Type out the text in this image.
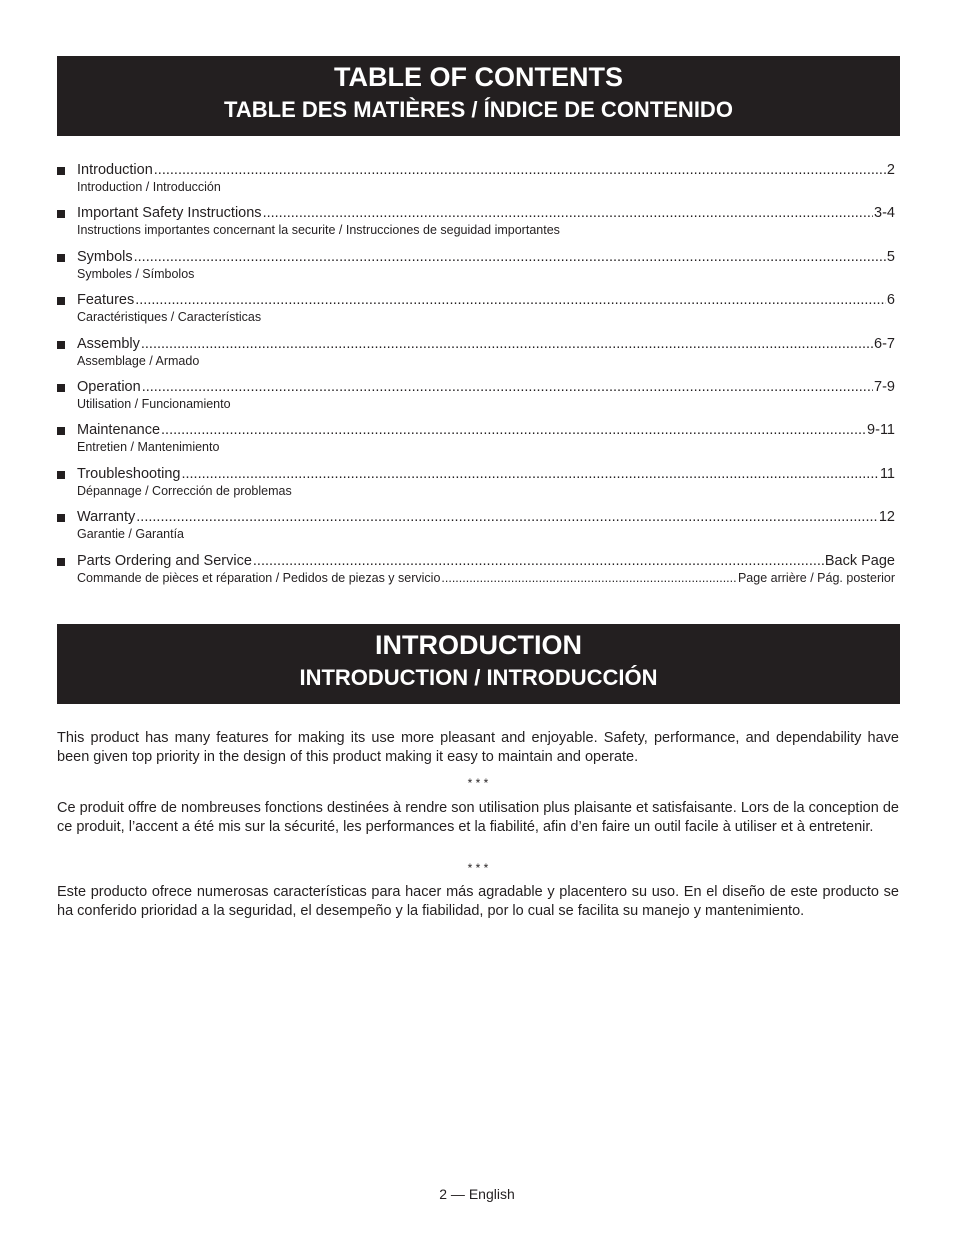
TABLE OF CONTENTS
TABLE DES MATIÈRES / ÍNDICE DE CONTENIDO
Introduction .....	2
Introduction / Introducción
Important Safety Instructions .....	3-4
Instructions importantes concernant la securite / Instrucciones de seguidad importantes
Symbols .....	5
Symboles / Símbolos
Features .....	6
Caractéristiques / Características
Assembly .....	6-7
Assemblage / Armado
Operation .....	7-9
Utilisation / Funcionamiento
Maintenance .....	9-11
Entretien / Mantenimiento
Troubleshooting .....	11
Dépannage / Corrección de problemas
Warranty .....	12
Garantie / Garantía
Parts Ordering and Service .....	Back Page
Commande de pièces et réparation / Pedidos de piezas y servicio .....	Page arrière / Pág. posterior
INTRODUCTION
INTRODUCTION / INTRODUCCIÓN

This product has many features for making its use more pleasant and enjoyable. Safety, performance, and dependability have been given top priority in the design of this product making it easy to maintain and operate.

* * *

Ce produit offre de nombreuses fonctions destinées à rendre son utilisation plus plaisante et satisfaisante. Lors de la conception de ce produit, l’accent a été mis sur la sécurité, les performances et la fiabilité, afin d’en faire un outil facile à utiliser et à entretenir.

* * *

Este producto ofrece numerosas características para hacer más agradable y placentero su uso. En el diseño de este producto se ha conferido prioridad a la seguridad, el desempeño y la fiabilidad, por lo cual se facilita su manejo y mantenimiento.

2 — English
